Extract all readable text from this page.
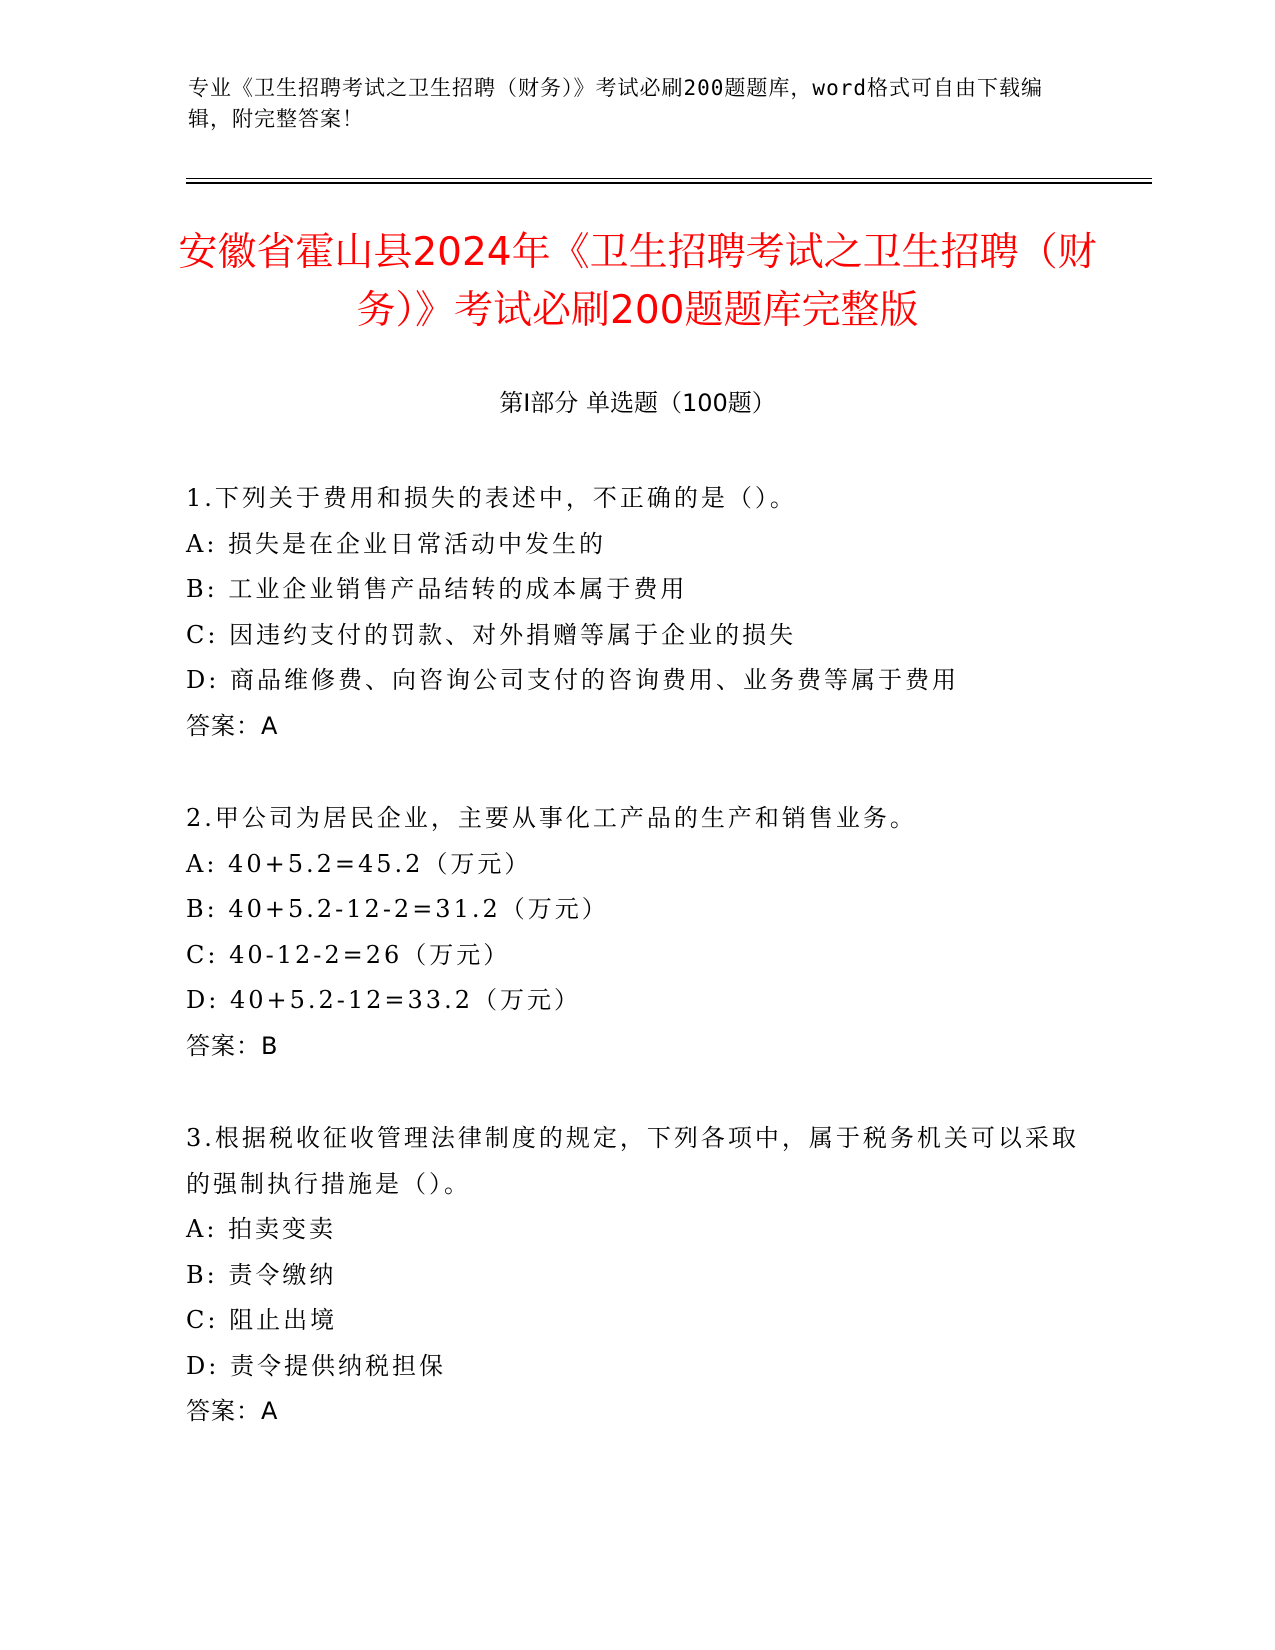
专业《卫生招聘考试之卫生招聘（财务）》考试必刷200题题库，word格式可自由下载编辑，附完整答案！
安徽省霍山县2024年《卫生招聘考试之卫生招聘（财务）》考试必刷200题题库完整版
第Ⅰ部分 单选题（100题）
1.下列关于费用和损失的表述中，不正确的是（）。
A: 损失是在企业日常活动中发生的
B: 工业企业销售产品结转的成本属于费用
C: 因违约支付的罚款、对外捐赠等属于企业的损失
D: 商品维修费、向咨询公司支付的咨询费用、业务费等属于费用
答案：A
2.甲公司为居民企业，主要从事化工产品的生产和销售业务。
A: 40+5.2=45.2（万元）
B: 40+5.2-12-2=31.2（万元）
C: 40-12-2=26（万元）
D: 40+5.2-12=33.2（万元）
答案：B
3.根据税收征收管理法律制度的规定，下列各项中，属于税务机关可以采取的强制执行措施是（）。
A: 拍卖变卖
B: 责令缴纳
C: 阻止出境
D: 责令提供纳税担保
答案：A
